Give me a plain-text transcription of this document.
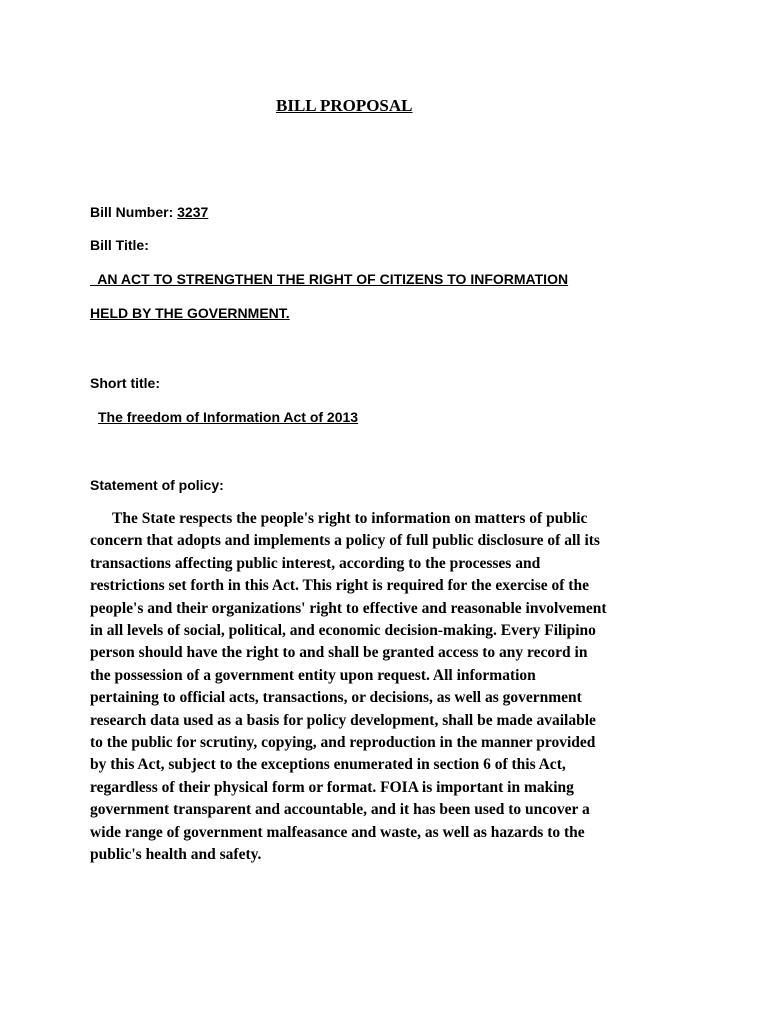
BILL PROPOSAL
Bill Number: 3237
Bill Title:
AN ACT TO STRENGTHEN THE RIGHT OF CITIZENS TO INFORMATION
HELD BY THE GOVERNMENT.
Short title:
The freedom of Information Act of 2013
Statement of policy:
The State respects the people's right to information on matters of public
concern that adopts and implements a policy of full public disclosure of all its
transactions affecting public interest, according to the processes and
restrictions set forth in this Act. This right is required for the exercise of the
people's and their organizations' right to effective and reasonable involvement
in all levels of social, political, and economic decision-making. Every Filipino
person should have the right to and shall be granted access to any record in
the possession of a government entity upon request. All information
pertaining to official acts, transactions, or decisions, as well as government
research data used as a basis for policy development, shall be made available
to the public for scrutiny, copying, and reproduction in the manner provided
by this Act, subject to the exceptions enumerated in section 6 of this Act,
regardless of their physical form or format. FOIA is important in making
government transparent and accountable, and it has been used to uncover a
wide range of government malfeasance and waste, as well as hazards to the
public's health and safety.
